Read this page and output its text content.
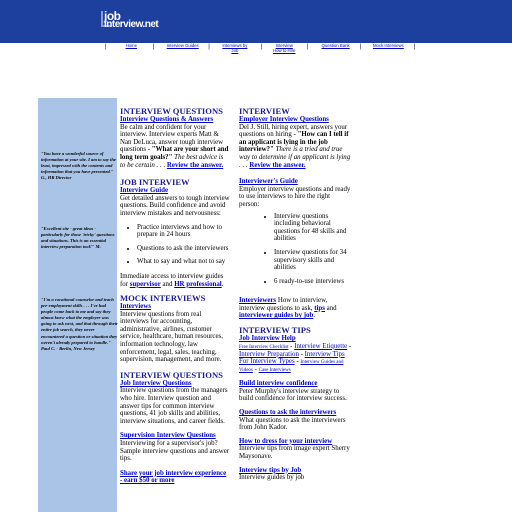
job
interview.net
|	Home	|	Interview Guides |	Interviews by Job	|	Interview How to Hire |	Question Bank |	Mock Interviews |
"You have a wonderful source of information at your site. I am to say the least, impressed with the contents and information that you have presented." G., HR Director
"Excellent site - great ideas - particularly for those 'tricky' questions and situations. This is an essential interview preparation tool!" M.
"I'm a vocational counselor and teach pre-employment skills . . . I've had people come back to me and say they almost knew what the employer was going to ask next, and that through their entire job search, they never encountered a question or situation they weren't already prepared to handle."
Paul C. - Berlin, New Jersey
INTERVIEW QUESTIONS
Interview Questions & Answers

Be calm and confident for your interview. Interview experts Matt & Nan DeLuca, answer tough interview questions - "What are your short and long term goals?" The best advice is to be certain . . . Review the answer.

JOB INTERVIEW
Interview Guide

Get detailed answers to tough interview questions. Build confidence and avoid interview mistakes and nervousness:

• Practice interviews and how to prepare in 24 hours
• Questions to ask the interviewers
• What to say and what not to say

Immediate access to interview guides for supervisor and HR professional.

MOCK INTERVIEWS
Interviews

Interview questions from real interviews for accounting, administrative, airlines, customer service, healthcare, human resources, information technology, law enforcement, legal, sales, teaching, supervision, management, and more.

INTERVIEW QUESTIONS
Job Interview Questions

Interview questions from the managers who hire. Interview question and answer tips for common interview questions, 41 job skills and abilities, interview situations, and career fields.

Supervision Interview Questions

Interviewing for a supervisor's job? Sample interview questions and answer tips.

Share your job interview experience - earn $50 or more
INTERVIEW
Employer Interview Questions

Del J. Still, hiring expert, answers your questions on hiring - "How can I tell if an applicant is lying in the job interview?" There is a tried and true way to determine if an applicant is lying . . . Review the answer.

Interviewer's Guide

Employer interview questions and ready to use interviews to hire the right person:

• Interview questions including behavioral questions for 48 skills and abilities
• Interview questions for 34 supervisory skills and abilities
• 6 ready-to-use interviews

Interviewers How to interview, interview questions to ask, tips and interviewer guides by job.

INTERVIEW TIPS
Job Interview Help

Free Interview Checklist - Interview Etiquette - Interview Preparation - Interview Tips For Interview Types - Interview Guides and Videos - Case Interviews

Build interview confidence

Peter Murphy's interview strategy to build confidence for interview success.

Questions to ask the interviewers

What questions to ask the interviewers from John Kador.

How to dress for your interview

Interview tips from image expert Sherry Maysonave.

Interview tips by Job

Interview guides by job
